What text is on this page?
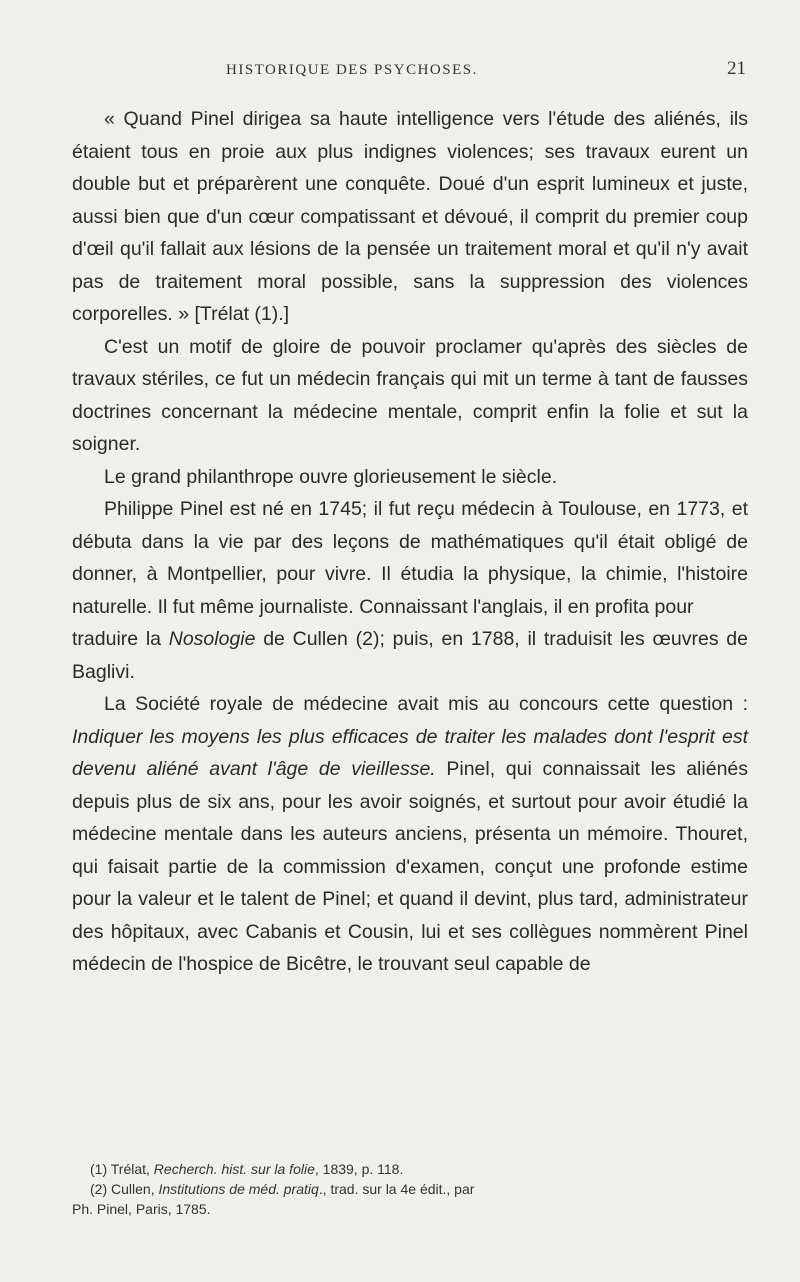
HISTORIQUE DES PSYCHOSES.	21

« Quand Pinel dirigea sa haute intelligence vers l'étude des aliénés, ils étaient tous en proie aux plus indignes violences; ses travaux eurent un double but et préparèrent une conquête. Doué d'un esprit lumineux et juste, aussi bien que d'un cœur compatissant et dévoué, il comprit du premier coup d'œil qu'il fallait aux lésions de la pensée un traitement moral et qu'il n'y avait pas de traitement moral possible, sans la suppression des violences corporelles. » [Trélat (1).]

C'est un motif de gloire de pouvoir proclamer qu'après des siècles de travaux stériles, ce fut un médecin français qui mit un terme à tant de fausses doctrines concernant la médecine mentale, comprit enfin la folie et sut la soigner.

Le grand philanthrope ouvre glorieusement le siècle.

Philippe Pinel est né en 1745; il fut reçu médecin à Toulouse, en 1773, et débuta dans la vie par des leçons de mathématiques qu'il était obligé de donner, à Montpellier, pour vivre. Il étudia la physique, la chimie, l'histoire naturelle. Il fut même journaliste. Connaissant l'anglais, il en profita pour

traduire la Nosologie de Cullen (2); puis, en 1788, il traduisit les œuvres de Baglivi.

La Société royale de médecine avait mis au concours cette question : Indiquer les moyens les plus efficaces de traiter les malades dont l'esprit est devenu aliéné avant l'âge de vieillesse. Pinel, qui connaissait les aliénés depuis plus de six ans, pour les avoir soignés, et surtout pour avoir étudié la médecine mentale dans les auteurs anciens, présenta un mémoire. Thouret, qui faisait partie de la commission d'examen, conçut une profonde estime pour la valeur et le talent de Pinel; et quand il devint, plus tard, administrateur des hôpitaux, avec Cabanis et Cousin, lui et ses collègues nommèrent Pinel médecin de l'hospice de Bicêtre, le trouvant seul capable de

(1) Trélat, Recherch. hist. sur la folie, 1839, p. 118.

(2) Cullen, Institutions de méd. pratiq., trad. sur la 4e édit., par

Ph. Pinel, Paris, 1785.
